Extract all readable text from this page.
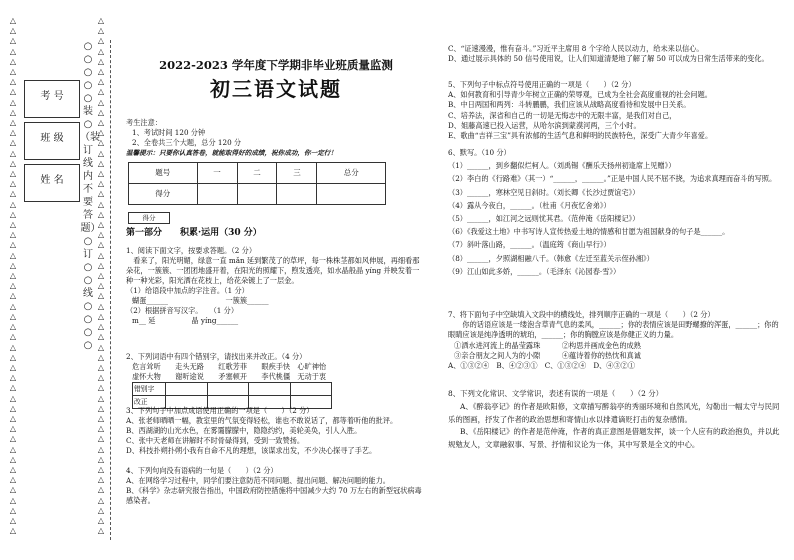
△
△
△
△
△
△
△
△
△
△
△
△
△
△
△
△
△
△
△
△
△
△
△
△
△
△
△
△
△
△
△
△
△
△
△
△
△
△
△
△
△
△
△
△
△
△
△
△
△
△
△
△
△
△
△
△
△
△
△
△
△
△
△
△
△
△
△
△
△
△
△
△
△
△
△
△
△
△
△
△
△
△
△
△
△
△
△
△
△
△
△
△
△
△
△
△
△
△
△
△
△
△
考 号
班 级
姓 名
○
○
○
○
○
装
○（装
订
线
内
不
要
答
题）○
订
○
○
线
○
○
○
○
2022-2023 学年度下学期非毕业班质量监测
初三语文试题

考生注意：

1、考试时间 120 分钟

2、全卷共三个大题，总分 120 分

温馨提示：只要你认真答卷，就能取得好的成绩，祝你成功，你一定行！

题号	一	二	三	总分
得分				
得分
第一部分　　积累·运用（30 分）

1、阅读下面文字，按要求答题。（2 分）

　看来了，阳光明媚，绿意一直 mǎn 延到繁茂了的草坪，每一株株茎都如风伸展，再细看那朵花，一簇簇、一团团地盛开着，在阳光的照耀下，煦发透亮，如水晶般晶 yíng 并映发着一种一种光彩，阳光洒在花枝上，给花朵镀上了一层金。

（1）给语段中加点的字注音。（1 分）

蝴蛋______　　　　　　　　一簇簇______

（2）根据拼音写汉字。　　（1 分）

m__ 延　　　　　晶 yíng______

2、下列词语中有四个错别字，请找出来并改正。（4 分）

危言耸听　　走头无路　　红歌芳菲　　眼疾手快　心旷神怡

虚怀大物　　谢听途说　　矛塞顿开　　李代桃僵　无动于衷

错别字				
改正				

3、下列句子中加点成语使用正确的一项是（　　）（2 分）

A、张老师晒晒一幅，教室里的气氛变得轻松，谁也不敢说话了，都等着听他的批评。

B、西湖湖的山光水色，在雾霭朦朦中，隐隐约约，美轮美奂，引人入胜。

C、张中天老师在讲解时不时骨碌得到，受到一致赞扬。

D、科技扑朔扑朔小我有自命不凡的理想，该谋求出发，不少决心探寻了手艺。

4、下列句向没有语病的一句是（　　）（2 分）

A、在网络学习过程中，同学们要注意防范不同问题、提出问题、解决问题的能力。

B、《科学》杂志研究报告指出，中国政府防控措施将中国减少大约 70 万左右的新型冠状病毒感染者。

C、“证速漫漫，惟有奋斗。”习近平主席用 8 个字给人民以动力，给未来以信心。

D、通过展示具体的 50 信号使用说，让人们知道清楚地了解了解 50 可以成为日常生活带来的变化。

5、下列句子中标点符号使用正确的一项是（　　）（2 分）

A、如何教育和引导青少年树立正确的荣辱观，已成为全社会高度重视的社会问题。

B、中日两国和两列：斗转鹏鹏，我们应该从战略高度看待和发展中日关系。

C、培养法，深省和自己的一切是无悔志中的无限丰富，是我们对自己，

D、姐藤高速已投入运营，从哈尔滨到蒙漠河两，三个小时。

E、歌曲“吉祥三宝”具有浓郁的生活气息和鲜明的民族特色，深受广大青少年喜爱。

6、默写。（10 分）

（1）______，到乡翻似烂柯人。（刘禹锡《酬乐天扬州初逢席上见赠》）

（2）李白的《行路难》（其一）“______，______。”正是中国人民不屈不挠，为追求真理而奋斗的写照。

（3）______，寒林空见日斜时。（刘长卿《长沙过贾谊宅》）

（4）露从今夜白，______。（杜甫《月夜忆舍弟》）

（5）______，如江河之远则忧其君。（范仲淹《岳阳楼记》）

（6）《我爱这土地》中书写诗人宣传热爱土地的情感和甘愿为祖国献身的句子是______。

（7）斜叶落山路，______。（温庭筠《商山早行》）

（8）______，夕照湖相融八千。（韩愈《左迁至蓝关示侄孙湘》）

（9）江山如此多娇，______。（毛泽东《沁园春·雪》）

7、将下面句子中空缺填入文段中的横线处，排列顺序正确的一项是（　　）（2 分）

　　你的话语应该是一缕泡含草青气息的柔风，______；你的表情应该是田野螺撩的浑蛋，______；你的眼睛应该是纯净透明的琥珀，______；你的胸膛应该是你健正义的力量。

①洒水进河流上的晶莹露珠　　　②构思并画成金色的成熟

③亲合朋友之间人为的小隙　　　④蕴诗着你的热忱和真诚

A、①③②④　B、④②③①　C、①③②④　D、④③②①

8、下列文化常识、文学常识，表述有误的一项是（　　）（2 分）

A、《醉翁亭记》的作者是欧阳修，文章描写醉翁亭的秀丽环境和自然风光，勾勒出一幅太守与民同乐的图画，抒发了作者的政治思想和寄情山水以排遣谪贬打击的复杂感情。

B、《岳阳楼记》的作者是范仲淹，作者的真正意图是借题发挥，谈一个人应有的政治抱负，并以此规勉友人，文章融叙事、写景、抒情和议论为一体，其中写景是全文的中心。
